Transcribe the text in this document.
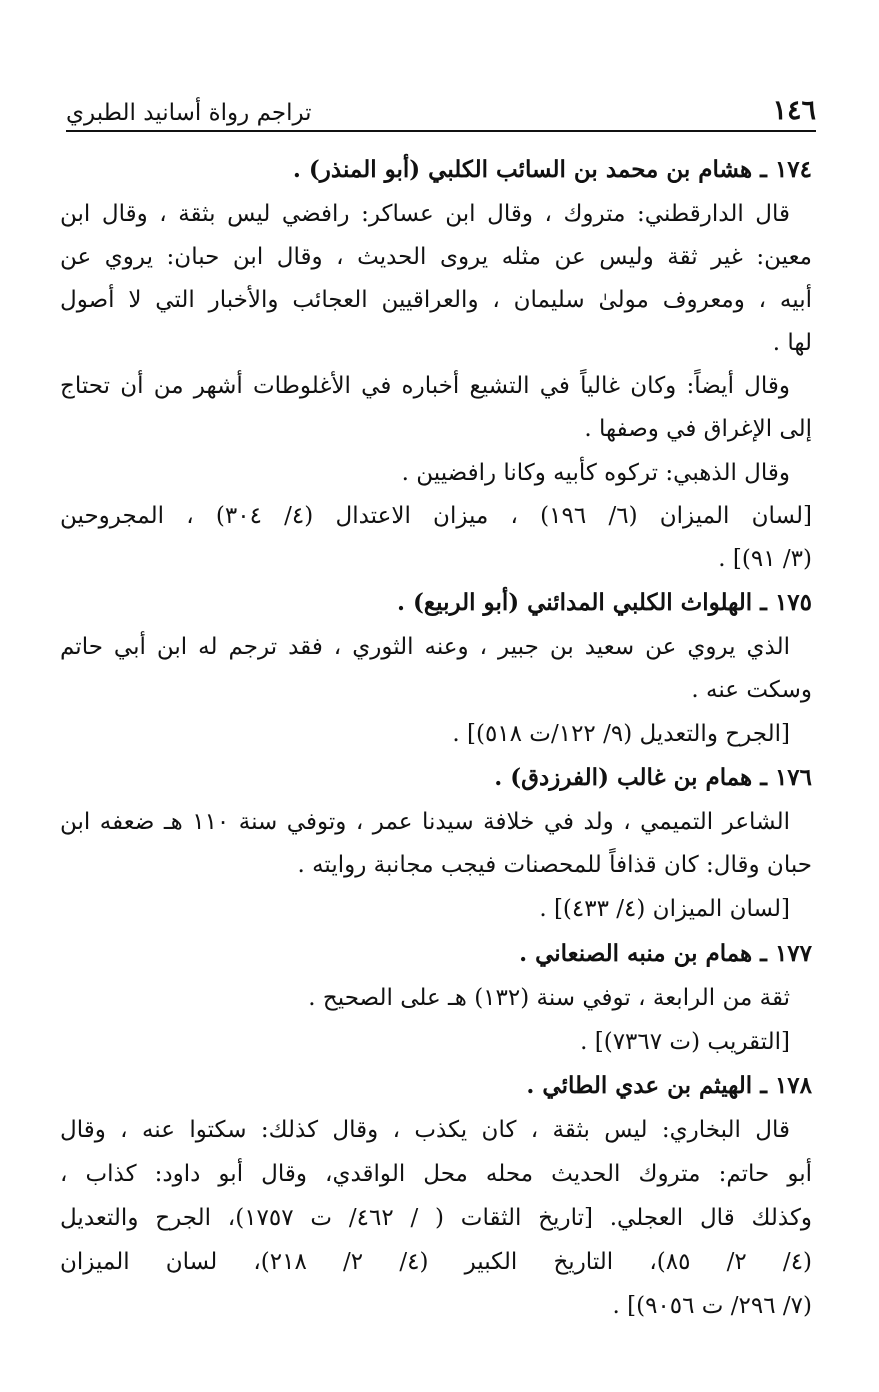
١٤٦
تراجم رواة أسانيد الطبري
١٧٤ ـ هشام بن محمد بن السائب الكلبي (أبو المنذر) .
قال الدارقطني: متروك ، وقال ابن عساكر: رافضي ليس بثقة ، وقال ابن
معين: غير ثقة وليس عن مثله يروى الحديث ، وقال ابن حبان: يروي عن
أبيه ، ومعروف مولىٰ سليمان ، والعراقيين العجائب والأخبار التي لا أصول
لها .
وقال أيضاً: وكان غالياً في التشيع أخباره في الأغلوطات أشهر من أن تحتاج
إلى الإغراق في وصفها .
وقال الذهبي: تركوه كأبيه وكانا رافضيين .
[لسان الميزان (٦/ ١٩٦) ، ميزان الاعتدال (٤/ ٣٠٤) ، المجروحين
(٣/ ٩١)] .
١٧٥ ـ الهلواث الكلبي المدائني (أبو الربيع) .
الذي يروي عن سعيد بن جبير ، وعنه الثوري ، فقد ترجم له ابن أبي حاتم
وسكت عنه .
[الجرح والتعديل (٩/ ١٢٢/ت ٥١٨)] .
١٧٦ ـ همام بن غالب (الفرزدق) .
الشاعر التميمي ، ولد في خلافة سيدنا عمر ، وتوفي سنة ١١٠ هـ ضعفه ابن
حبان وقال: كان قذافاً للمحصنات فيجب مجانبة روايته .
[لسان الميزان (٤/ ٤٣٣)] .
١٧٧ ـ همام بن منبه الصنعاني .
ثقة من الرابعة ، توفي سنة (١٣٢) هـ على الصحيح .
[التقريب (ت ٧٣٦٧)] .
١٧٨ ـ الهيثم بن عدي الطائي .
قال البخاري: ليس بثقة ، كان يكذب ، وقال كذلك: سكتوا عنه ، وقال
أبو حاتم: متروك الحديث محله محل الواقدي، وقال أبو داود: كذاب ،
وكذلك قال العجلي. [تاريخ الثقات ( / ٤٦٢/ ت ١٧٥٧)، الجرح والتعديل
(٤/ ٢/ ٨٥)، التاريخ الكبير (٤/ ٢/ ٢١٨)، لسان الميزان
(٧/ ٢٩٦/ ت ٩٠٥٦)] .
